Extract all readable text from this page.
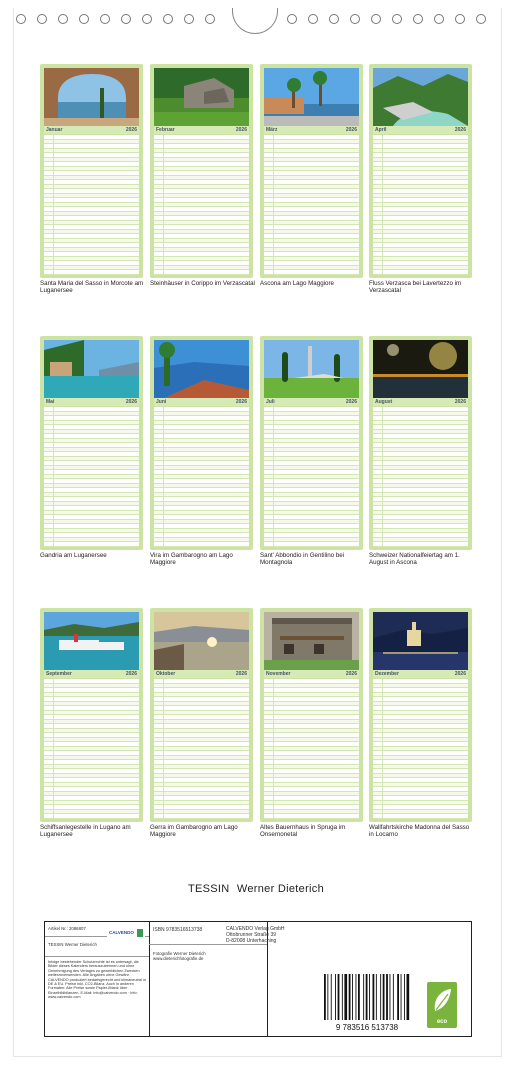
Januar	2026
Santa Maria del Sasso in Morcote am Luganersee
Februar	2026
Steinhäuser in Corippo im Verzascatal
März	2026
Ascona am Lago Maggiore
April	2026
Fluss Verzasca bei Lavertezzo im Verzascatal
Mai	2026
Gandria am Luganersee
Juni	2026
Vira im Gambarogno am Lago Maggiore
Juli	2026
Sant' Abbondio in Gentilino bei Montagnola
August	2026
Schweizer Nationalfeiertag am 1. August in Ascona
September	2026
Schiffsanlegestelle in Lugano am Luganersee
Oktober	2026
Gerra im Gambarogno am Lago Maggiore
November	2026
Altes Bauernhaus in Sprugа im Onsernonetal
Dezember	2026
Wallfahrtskirche Madonna del Sasso in Locarno
TESSIN Werner Dieterich
Artikel Nr.: 2086807
CALVENDO
TESSIN Werner Dieterich
Infolge bestehender Schutzrechte ist es untersagt, die Bilder dieses Kalenders herauszutrennen und ohne Genehmigung des Verlages zu gewerblichen Zwecken weiterzuverwenden. Alle Angaben ohne Gewähr. CALVENDO produziert bedarfsgerecht und klimaneutral in DE & EU. Preise inkl. CO2-Bilanz. Auch in anderen Formaten: Alle Preise sowie Papier-Bilanz über Einzelbildbilanzen. E-Mail: info@calvendo.com · Info: www.calvendo.com
ISBN 9783516513738
Fotografie Werner Dieterich
www.dieterichfotografie.de
CALVENDO Verlag GmbH
Ottobrunner Straße 39
D-82008 Unterhaching
9 783516 513738
eco
